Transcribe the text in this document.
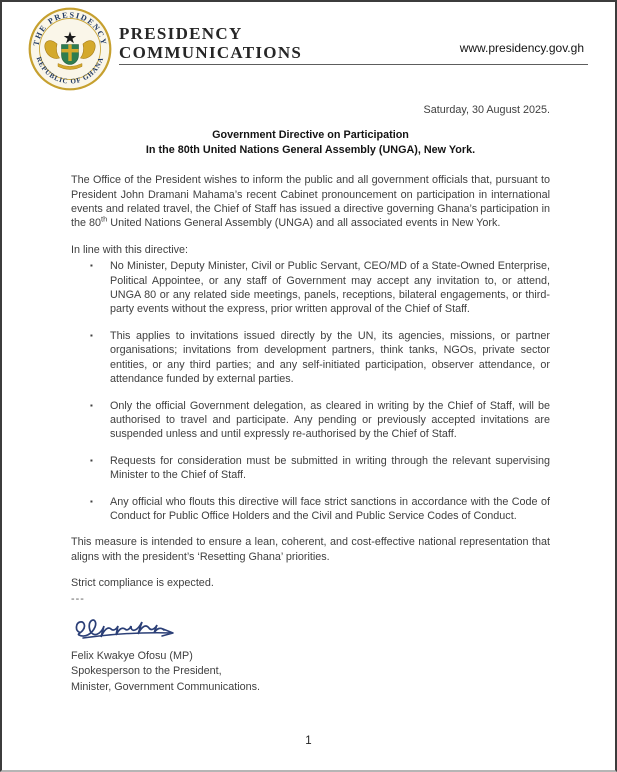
THE PRESIDENCY
REPUBLIC OF GHANA
PRESIDENCY
COMMUNICATIONS	www.presidency.gov.gh
Saturday, 30 August 2025.
Government Directive on Participation
In the 80th United Nations General Assembly (UNGA), New York.

The Office of the President wishes to inform the public and all government officials that, pursuant to President John Dramani Mahama’s recent Cabinet pronouncement on participation in international events and related travel, the Chief of Staff has issued a directive governing Ghana’s participation in the 80th United Nations General Assembly (UNGA) and all associated events in New York.

In line with this directive:
▪	No Minister, Deputy Minister, Civil or Public Servant, CEO/MD of a State-Owned Enterprise, Political Appointee, or any staff of Government may accept any invitation to, or attend, UNGA 80 or any related side meetings, panels, receptions, bilateral engagements, or third-party events without the express, prior written approval of the Chief of Staff.

▪	This applies to invitations issued directly by the UN, its agencies, missions, or partner organisations; invitations from development partners, think tanks, NGOs, private sector entities, or any third parties; and any self-initiated participation, observer attendance, or attendance funded by external parties.

▪	Only the official Government delegation, as cleared in writing by the Chief of Staff, will be authorised to travel and participate. Any pending or previously accepted invitations are suspended unless and until expressly re-authorised by the Chief of Staff.

▪	Requests for consideration must be submitted in writing through the relevant supervising Minister to the Chief of Staff.

▪	Any official who flouts this directive will face strict sanctions in accordance with the Code of Conduct for Public Office Holders and the Civil and Public Service Codes of Conduct.

This measure is intended to ensure a lean, coherent, and cost-effective national representation that aligns with the president’s ‘Resetting Ghana’ priorities.

Strict compliance is expected.
---
Felix Kwakye Ofosu (MP)
Spokesperson to the President,
Minister, Government Communications.
1
